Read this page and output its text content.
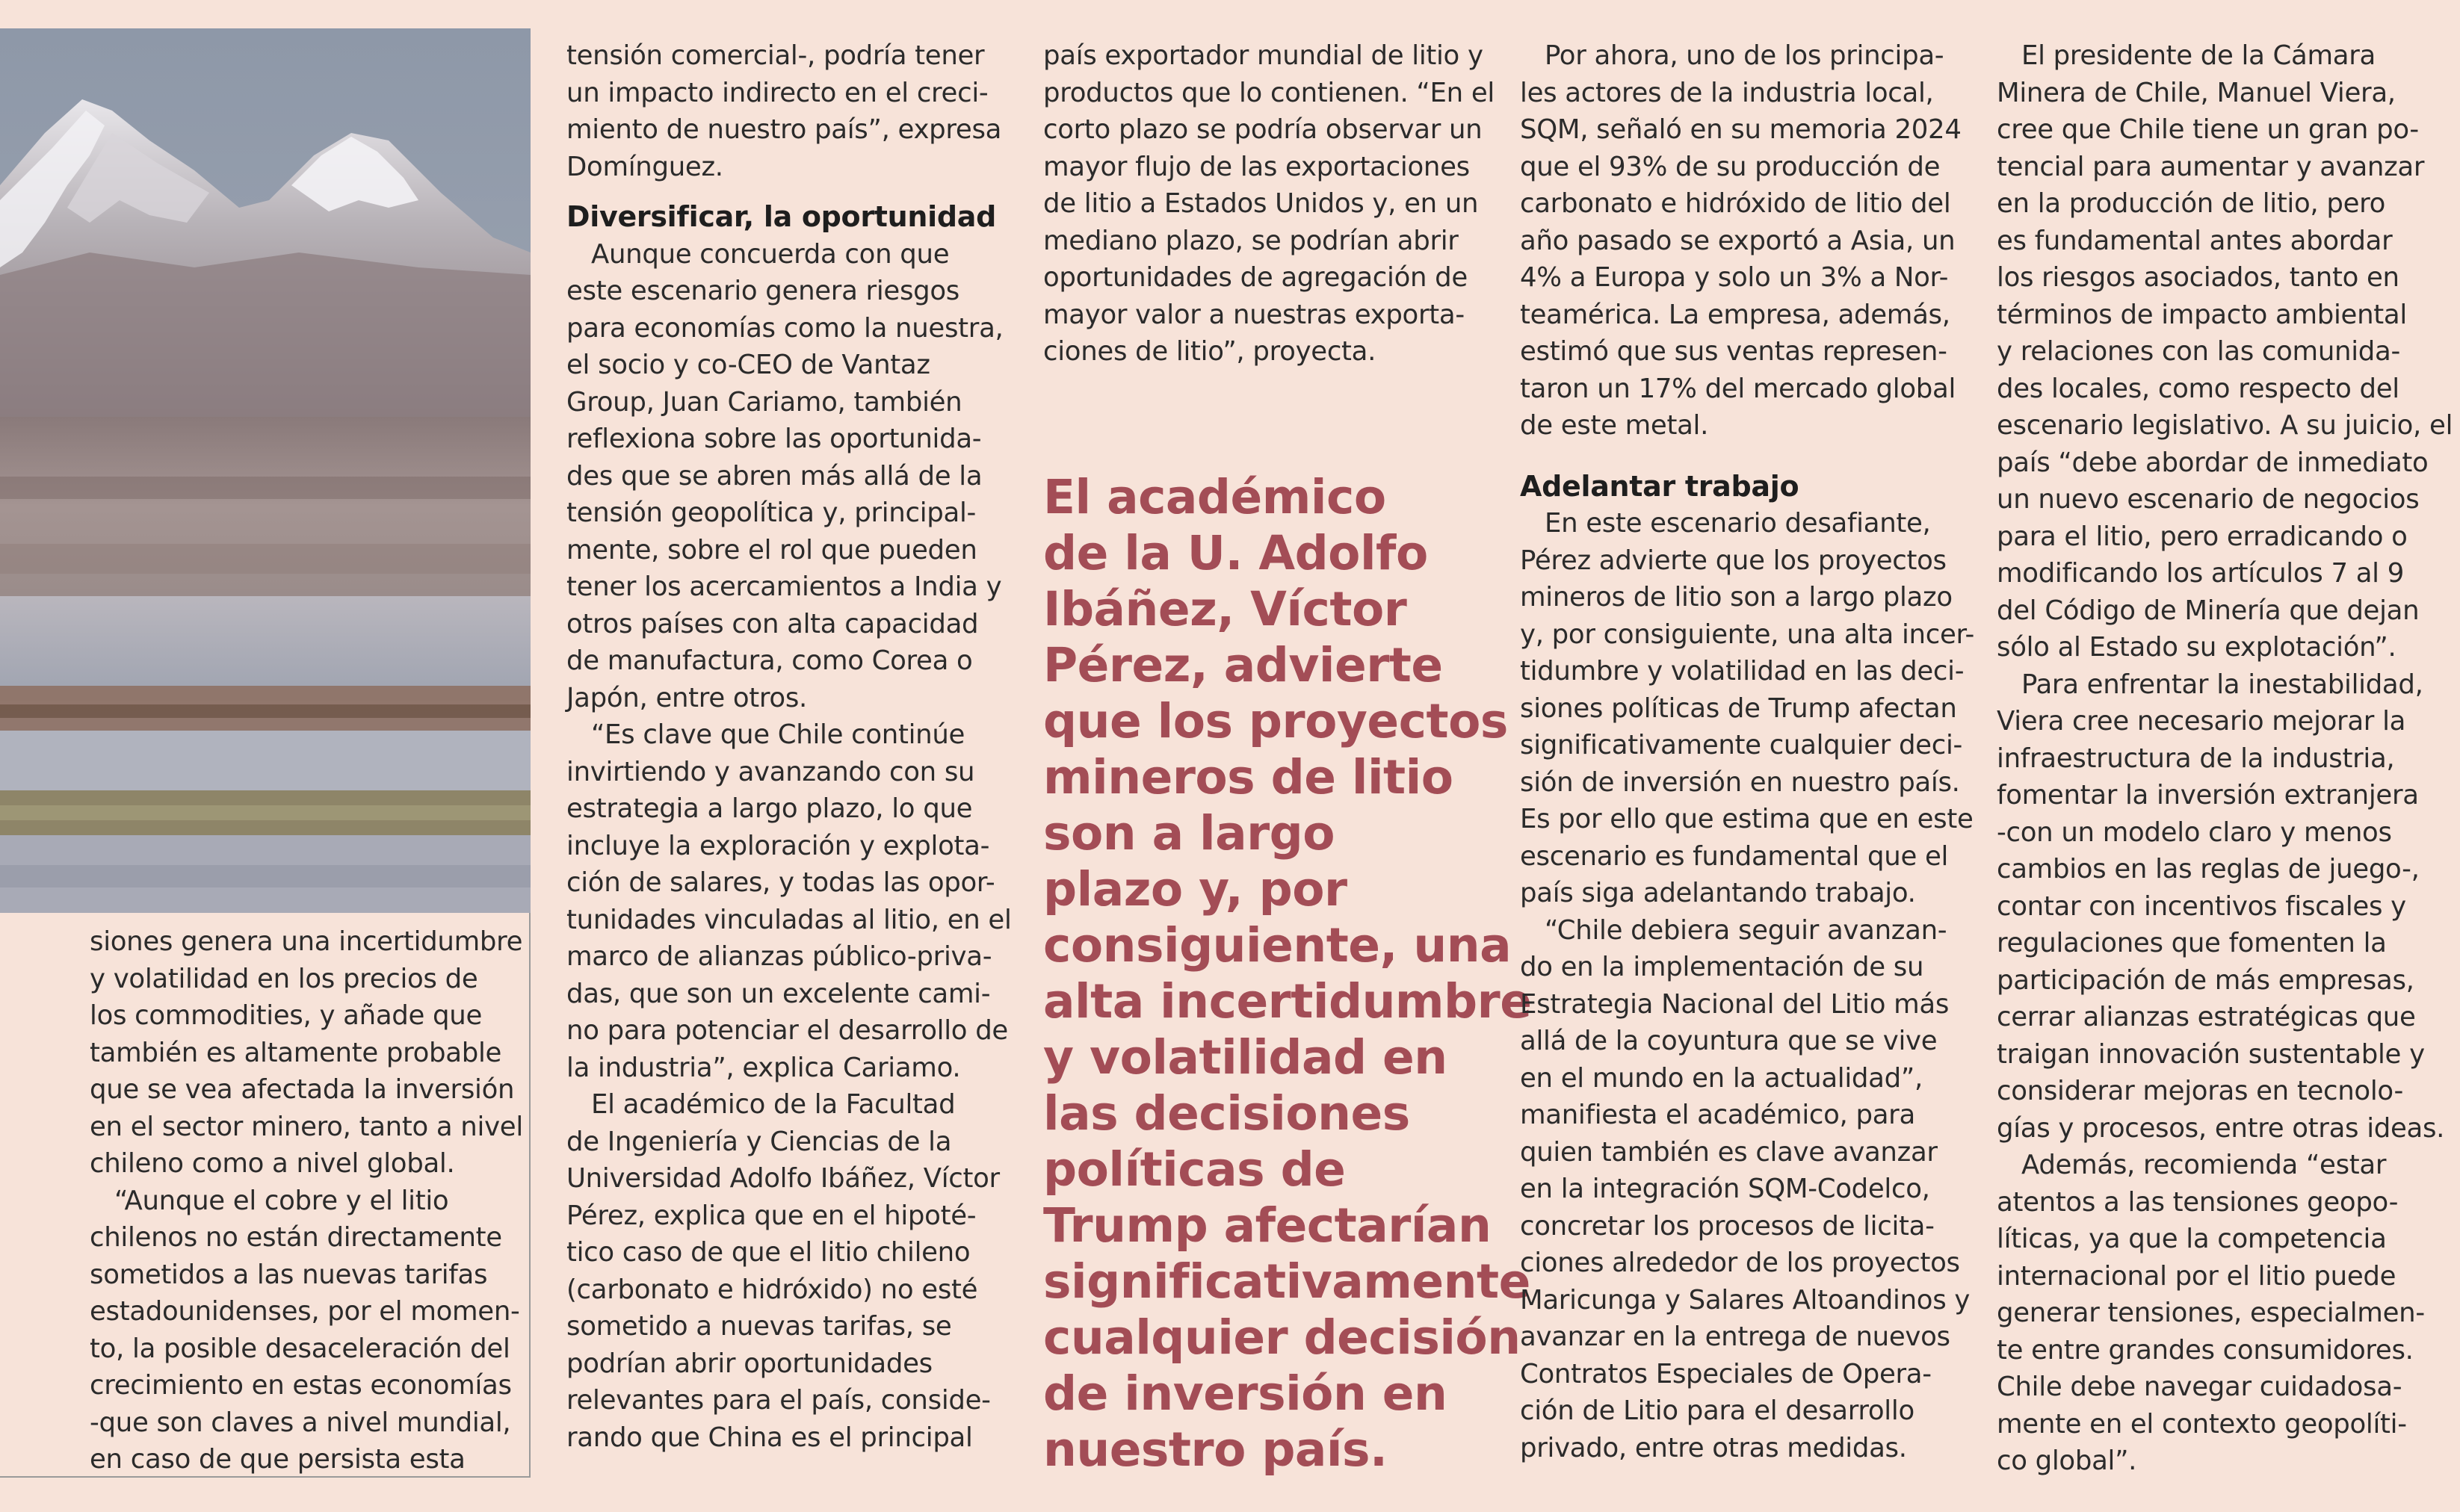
siones genera una incertidumbre
y volatilidad en los precios de
los commodities, y añade que
también es altamente probable
que se vea afectada la inversión
en el sector minero, tanto a nivel
chileno como a nivel global.
“Aunque el cobre y el litio
chilenos no están directamente
sometidos a las nuevas tarifas
estadounidenses, por el momen-
to, la posible desaceleración del
crecimiento en estas economías
-que son claves a nivel mundial,
en caso de que persista esta
tensión comercial-, podría tener
un impacto indirecto en el creci-
miento de nuestro país”, expresa
Domínguez.
Diversificar, la oportunidad
Aunque concuerda con que
este escenario genera riesgos
para economías como la nuestra,
el socio y co-CEO de Vantaz
Group, Juan Cariamo, también
reflexiona sobre las oportunida-
des que se abren más allá de la
tensión geopolítica y, principal-
mente, sobre el rol que pueden
tener los acercamientos a India y
otros países con alta capacidad
de manufactura, como Corea o
Japón, entre otros.
“Es clave que Chile continúe
invirtiendo y avanzando con su
estrategia a largo plazo, lo que
incluye la exploración y explota-
ción de salares, y todas las opor-
tunidades vinculadas al litio, en el
marco de alianzas público-priva-
das, que son un excelente cami-
no para potenciar el desarrollo de
la industria”, explica Cariamo.
El académico de la Facultad
de Ingeniería y Ciencias de la
Universidad Adolfo Ibáñez, Víctor
Pérez, explica que en el hipoté-
tico caso de que el litio chileno
(carbonato e hidróxido) no esté
sometido a nuevas tarifas, se
podrían abrir oportunidades
relevantes para el país, conside-
rando que China es el principal
país exportador mundial de litio y
productos que lo contienen. “En el
corto plazo se podría observar un
mayor flujo de las exportaciones
de litio a Estados Unidos y, en un
mediano plazo, se podrían abrir
oportunidades de agregación de
mayor valor a nuestras exporta-
ciones de litio”, proyecta.
El académico
de la U. Adolfo
Ibáñez, Víctor
Pérez, advierte
que los proyectos
mineros de litio
son a largo
plazo y, por
consiguiente, una
alta incertidumbre
y volatilidad en
las decisiones
políticas de
Trump afectarían
significativamente
cualquier decisión
de inversión en
nuestro país.
Por ahora, uno de los principa-
les actores de la industria local,
SQM, señaló en su memoria 2024
que el 93% de su producción de
carbonato e hidróxido de litio del
año pasado se exportó a Asia, un
4% a Europa y solo un 3% a Nor-
teamérica. La empresa, además,
estimó que sus ventas represen-
taron un 17% del mercado global
de este metal.
Adelantar trabajo
En este escenario desafiante,
Pérez advierte que los proyectos
mineros de litio son a largo plazo
y, por consiguiente, una alta incer-
tidumbre y volatilidad en las deci-
siones políticas de Trump afectan
significativamente cualquier deci-
sión de inversión en nuestro país.
Es por ello que estima que en este
escenario es fundamental que el
país siga adelantando trabajo.
“Chile debiera seguir avanzan-
do en la implementación de su
Estrategia Nacional del Litio más
allá de la coyuntura que se vive
en el mundo en la actualidad”,
manifiesta el académico, para
quien también es clave avanzar
en la integración SQM-Codelco,
concretar los procesos de licita-
ciones alrededor de los proyectos
Maricunga y Salares Altoandinos y
avanzar en la entrega de nuevos
Contratos Especiales de Opera-
ción de Litio para el desarrollo
privado, entre otras medidas.
El presidente de la Cámara
Minera de Chile, Manuel Viera,
cree que Chile tiene un gran po-
tencial para aumentar y avanzar
en la producción de litio, pero
es fundamental antes abordar
los riesgos asociados, tanto en
términos de impacto ambiental
y relaciones con las comunida-
des locales, como respecto del
escenario legislativo. A su juicio, el
país “debe abordar de inmediato
un nuevo escenario de negocios
para el litio, pero erradicando o
modificando los artículos 7 al 9
del Código de Minería que dejan
sólo al Estado su explotación”.
Para enfrentar la inestabilidad,
Viera cree necesario mejorar la
infraestructura de la industria,
fomentar la inversión extranjera
-con un modelo claro y menos
cambios en las reglas de juego-,
contar con incentivos fiscales y
regulaciones que fomenten la
participación de más empresas,
cerrar alianzas estratégicas que
traigan innovación sustentable y
considerar mejoras en tecnolo-
gías y procesos, entre otras ideas.
Además, recomienda “estar
atentos a las tensiones geopo-
líticas, ya que la competencia
internacional por el litio puede
generar tensiones, especialmen-
te entre grandes consumidores.
Chile debe navegar cuidadosa-
mente en el contexto geopolíti-
co global”.
